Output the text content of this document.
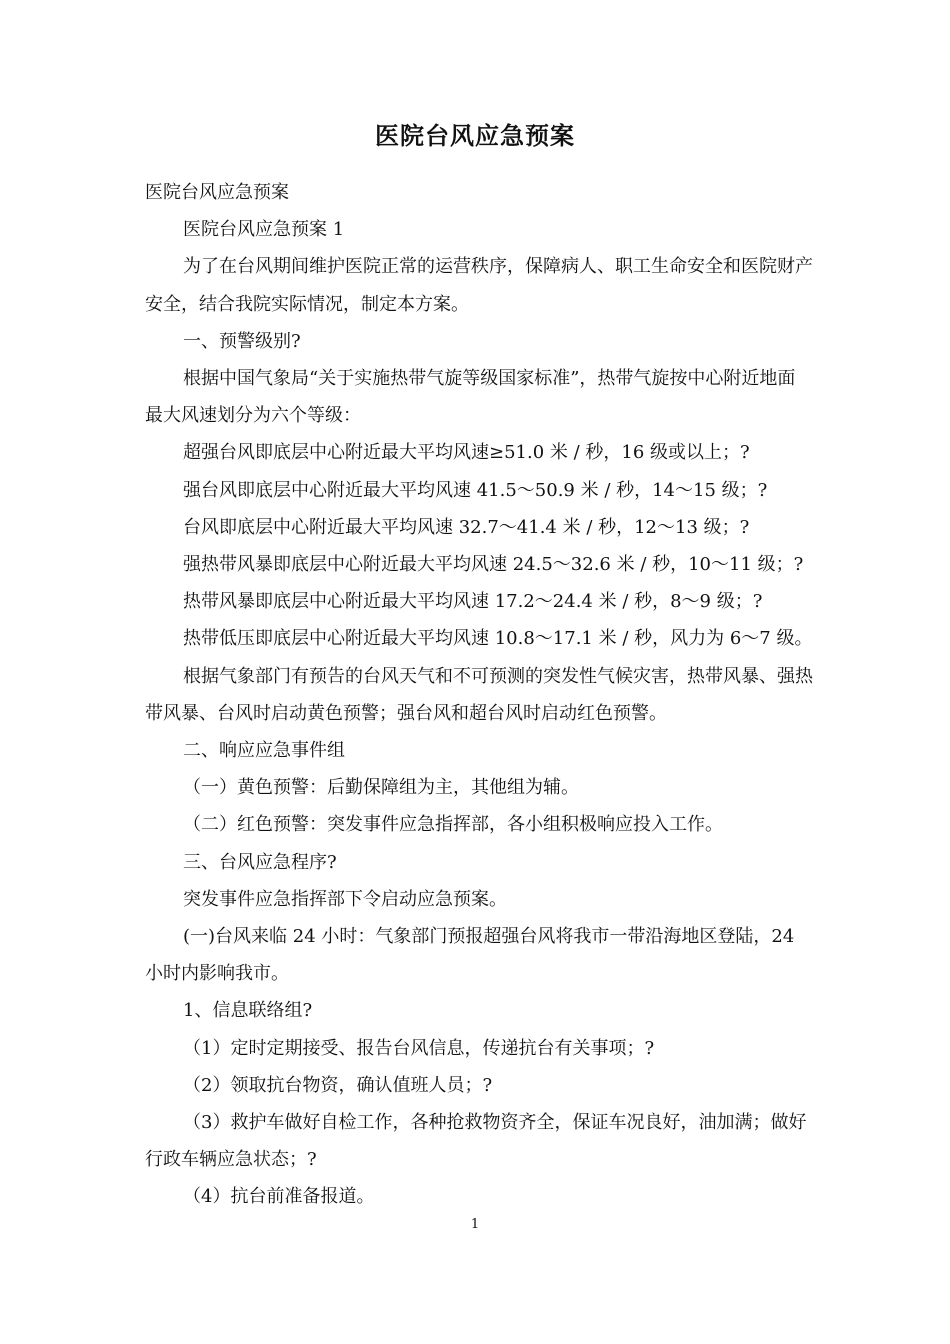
医院台风应急预案

医院台风应急预案

医院台风应急预案 1

为了在台风期间维护医院正常的运营秩序，保障病人、职工生命安全和医院财产安全，结合我院实际情况，制定本方案。

一、预警级别?

根据中国气象局“关于实施热带气旋等级国家标准”，热带气旋按中心附近地面最大风速划分为六个等级：

超强台风即底层中心附近最大平均风速≥51.0 米 / 秒，16 级或以上；?

强台风即底层中心附近最大平均风速 41.5～50.9 米 / 秒，14～15 级；?

台风即底层中心附近最大平均风速 32.7～41.4 米 / 秒，12～13 级；?

强热带风暴即底层中心附近最大平均风速 24.5～32.6 米 / 秒，10～11 级；?

热带风暴即底层中心附近最大平均风速 17.2～24.4 米 / 秒，8～9 级；?

热带低压即底层中心附近最大平均风速 10.8～17.1 米 / 秒，风力为 6～7 级。

根据气象部门有预告的台风天气和不可预测的突发性气候灾害，热带风暴、强热带风暴、台风时启动黄色预警；强台风和超台风时启动红色预警。

二、响应应急事件组

（一）黄色预警：后勤保障组为主，其他组为辅。

（二）红色预警：突发事件应急指挥部，各小组积极响应投入工作。

三、台风应急程序?

突发事件应急指挥部下令启动应急预案。

(一)台风来临 24 小时：气象部门预报超强台风将我市一带沿海地区登陆，24 小时内影响我市。

1、信息联络组?

（1）定时定期接受、报告台风信息，传递抗台有关事项；?

（2）领取抗台物资，确认值班人员；?

（3）救护车做好自检工作，各种抢救物资齐全，保证车况良好，油加满；做好行政车辆应急状态；?

（4）抗台前准备报道。

1
